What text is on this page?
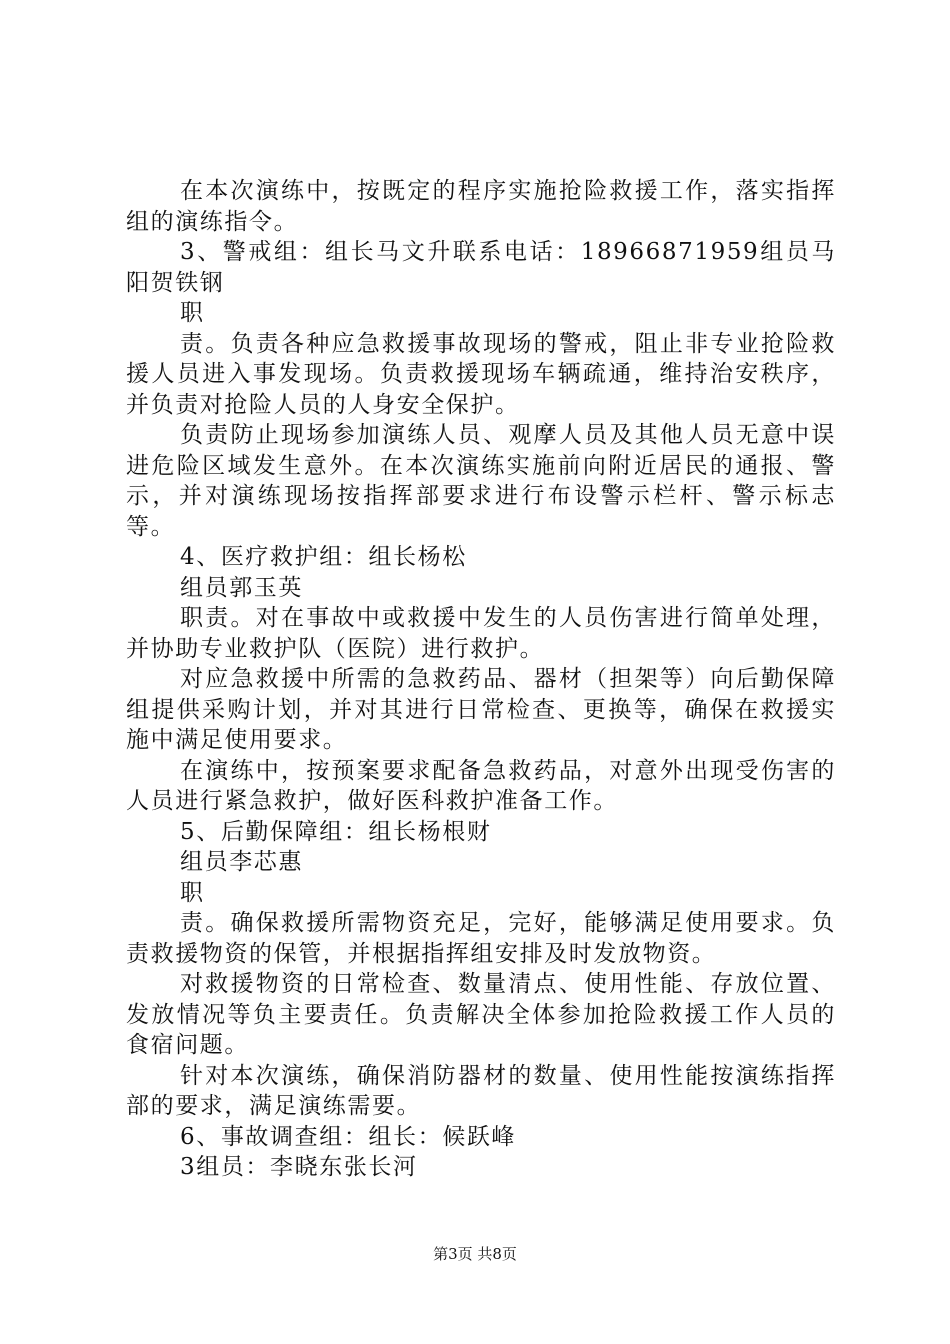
在本次演练中，按既定的程序实施抢险救援工作，落实指挥组的演练指令。

3、警戒组：组长马文升联系电话：18966871959组员马阳贺铁钢

职

责。负责各种应急救援事故现场的警戒，阻止非专业抢险救援人员进入事发现场。负责救援现场车辆疏通，维持治安秩序，并负责对抢险人员的人身安全保护。

负责防止现场参加演练人员、观摩人员及其他人员无意中误进危险区域发生意外。在本次演练实施前向附近居民的通报、警示，并对演练现场按指挥部要求进行布设警示栏杆、警示标志等。

4、医疗救护组：组长杨松

组员郭玉英

职责。对在事故中或救援中发生的人员伤害进行简单处理，并协助专业救护队（医院）进行救护。

对应急救援中所需的急救药品、器材（担架等）向后勤保障组提供采购计划，并对其进行日常检查、更换等，确保在救援实施中满足使用要求。

在演练中，按预案要求配备急救药品，对意外出现受伤害的人员进行紧急救护，做好医科救护准备工作。

5、后勤保障组：组长杨根财

组员李芯惠

职

责。确保救援所需物资充足，完好，能够满足使用要求。负责救援物资的保管，并根据指挥组安排及时发放物资。

对救援物资的日常检查、数量清点、使用性能、存放位置、发放情况等负主要责任。负责解决全体参加抢险救援工作人员的食宿问题。

针对本次演练，确保消防器材的数量、使用性能按演练指挥部的要求，满足演练需要。

6、事故调查组：组长：候跃峰

3组员：李晓东张长河

第3页 共8页
